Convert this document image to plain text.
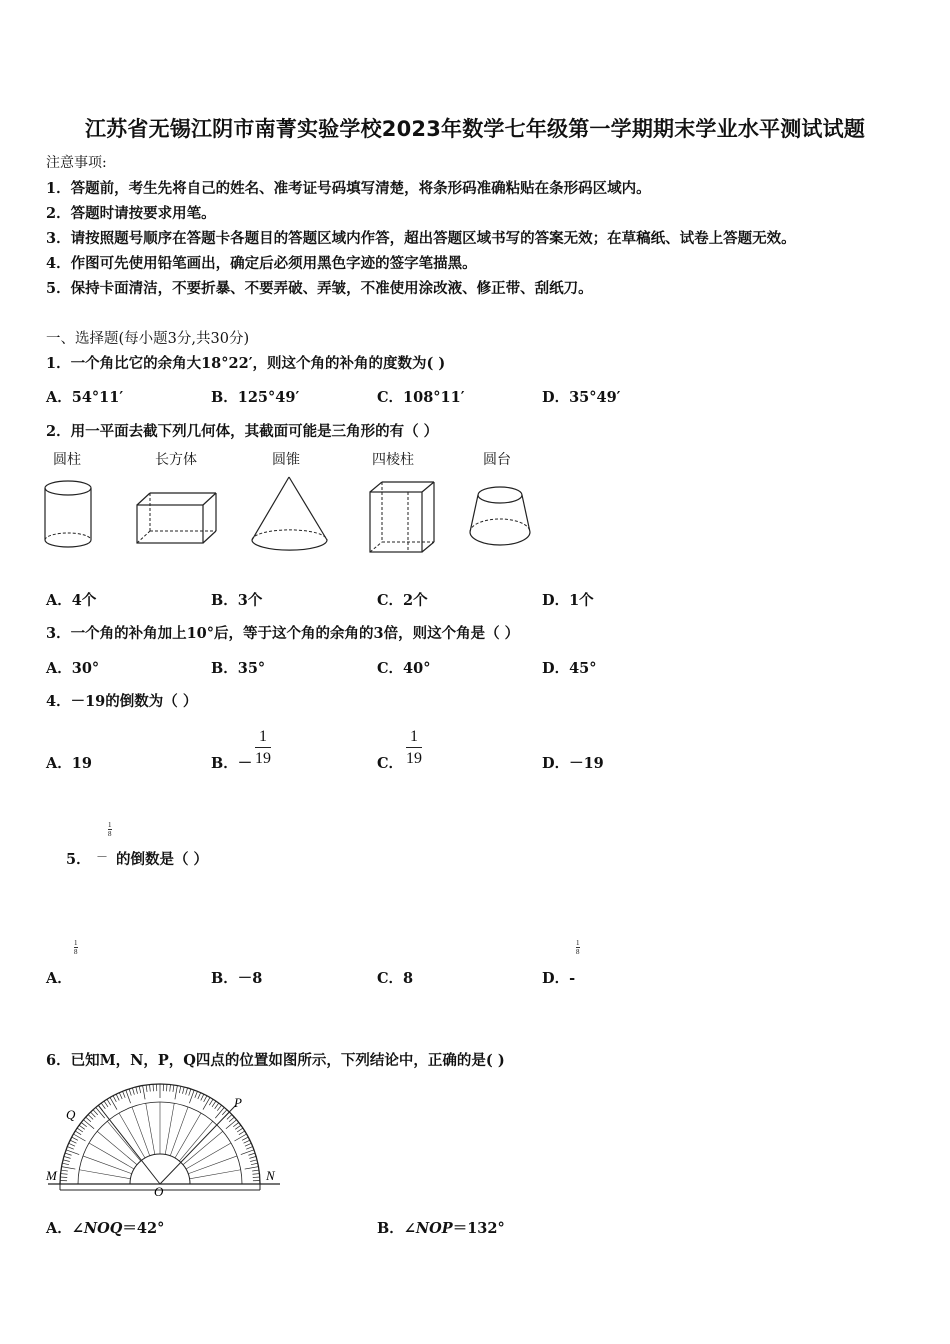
江苏省无锡江阴市南菁实验学校2023年数学七年级第一学期期末学业水平测试试题
注意事项:
1．答题前，考生先将自己的姓名、准考证号码填写清楚，将条形码准确粘贴在条形码区域内。
2．答题时请按要求用笔。
3．请按照题号顺序在答题卡各题目的答题区域内作答，超出答题区域书写的答案无效；在草稿纸、试卷上答题无效。
4．作图可先使用铅笔画出，确定后必须用黑色字迹的签字笔描黑。
5．保持卡面清洁，不要折暴、不要弄破、弄皱，不准使用涂改液、修正带、刮纸刀。
一、选择题(每小题3分,共30分)
1．一个角比它的余角大18°22′，则这个角的补角的度数为( )
A．54°11′	B．125°49′	C．108°11′	D．35°49′
2．用一平面去截下列几何体，其截面可能是三角形的有（ ）
圆柱	长方体	圆锥	四棱柱	圆台
A．4个	B．3个	C．2个	D．1个
3．一个角的补角加上10°后，等于这个角的余角的3倍，则这个角是（ ）
A．30°	B．35°	C．40°	D．45°
4．－19的倒数为（ ）
A．19	B．－ $\frac{1}{19}$	C． $\frac{1}{19}$	D．－19
$\frac{1}{8}$
5． － 的倒数是（ ）
$\frac{1}{8}$
A．	B．－8	C．8
$\frac{1}{8}$
D．-
6．已知M，N，P，Q四点的位置如图所示，下列结论中，正确的是( )
M	N
P
Q
O
A．∠NOQ＝42°	B．∠NOP＝132°
